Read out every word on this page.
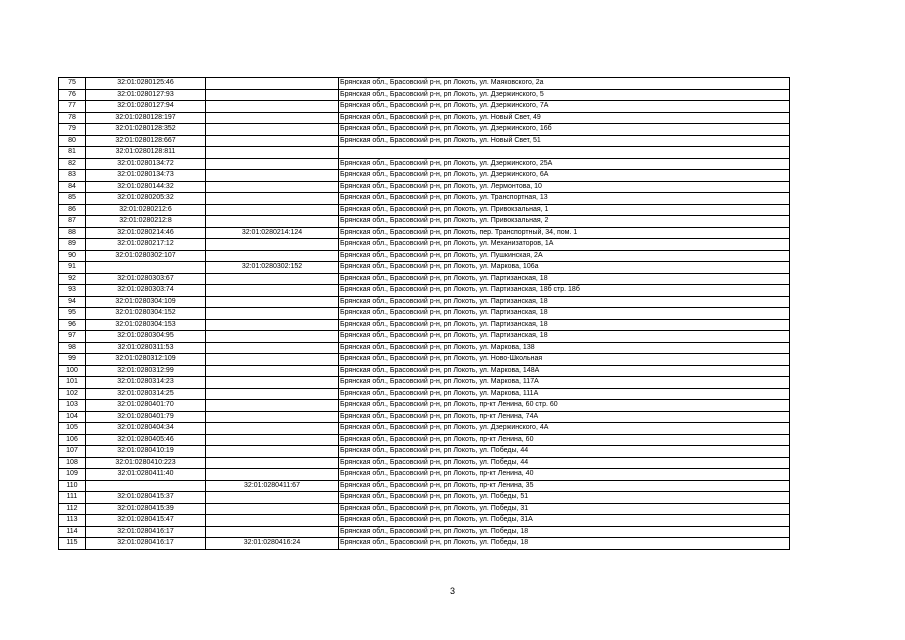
75	32:01:0280125:46		Брянская обл., Брасовский р-н, рп Локоть, ул. Маяковского, 2а
76	32:01:0280127:93		Брянская обл., Брасовский р-н, рп Локоть, ул. Дзержинского, 5
77	32:01:0280127:94		Брянская обл., Брасовский р-н, рп Локоть, ул. Дзержинского, 7А
78	32:01:0280128:197		Брянская обл., Брасовский р-н, рп Локоть, ул. Новый Свет, 49
79	32:01:0280128:352		Брянская обл., Брасовский р-н, рп Локоть, ул. Дзержинского, 16б
80	32:01:0280128:667		Брянская обл., Брасовский р-н, рп Локоть, ул. Новый Свет, 51
81	32:01:0280128:811		
82	32:01:0280134:72		Брянская обл., Брасовский р-н, рп Локоть, ул. Дзержинского, 25А
83	32:01:0280134:73		Брянская обл., Брасовский р-н, рп Локоть, ул. Дзержинского, 6А
84	32:01:0280144:32		Брянская обл., Брасовский р-н, рп Локоть, ул. Лермонтова, 10
85	32:01:0280205:32		Брянская обл., Брасовский р-н, рп Локоть, ул. Транспортная, 13
86	32:01:0280212:6		Брянская обл., Брасовский р-н, рп Локоть, ул. Привокзальная, 1
87	32:01:0280212:8		Брянская обл., Брасовский р-н, рп Локоть, ул. Привокзальная, 2
88	32:01:0280214:46	32:01:0280214:124	Брянская обл., Брасовский р-н, рп Локоть, пер. Транспортный, 34, пом. 1
89	32:01:0280217:12		Брянская обл., Брасовский р-н, рп Локоть, ул. Механизаторов, 1А
90	32:01:0280302:107		Брянская обл., Брасовский р-н, рп Локоть, ул. Пушкинская, 2А
91		32:01:0280302:152	Брянская обл., Брасовский р-н, рп Локоть, ул. Маркова, 106а
92	32:01:0280303:67		Брянская обл., Брасовский р-н, рп Локоть, ул. Партизанская, 18
93	32:01:0280303:74		Брянская обл., Брасовский р-н, рп Локоть, ул. Партизанская, 18б стр. 18б
94	32:01:0280304:109		Брянская обл., Брасовский р-н, рп Локоть, ул. Партизанская, 18
95	32:01:0280304:152		Брянская обл., Брасовский р-н, рп Локоть, ул. Партизанская, 18
96	32:01:0280304:153		Брянская обл., Брасовский р-н, рп Локоть, ул. Партизанская, 18
97	32:01:0280304:95		Брянская обл., Брасовский р-н, рп Локоть, ул. Партизанская, 18
98	32:01:0280311:53		Брянская обл., Брасовский р-н, рп Локоть, ул. Маркова, 138
99	32:01:0280312:109		Брянская обл., Брасовский р-н, рп Локоть, ул. Ново-Школьная
100	32:01:0280312:99		Брянская обл., Брасовский р-н, рп Локоть, ул. Маркова, 148А
101	32:01:0280314:23		Брянская обл., Брасовский р-н, рп Локоть, ул. Маркова, 117А
102	32:01:0280314:25		Брянская обл., Брасовский р-н, рп Локоть, ул. Маркова, 111А
103	32:01:0280401:70		Брянская обл., Брасовский р-н, рп Локоть, пр-кт Ленина, 60 стр. 60
104	32:01:0280401:79		Брянская обл., Брасовский р-н, рп Локоть, пр-кт Ленина, 74А
105	32:01:0280404:34		Брянская обл., Брасовский р-н, рп Локоть, ул. Дзержинского, 4А
106	32:01:0280405:46		Брянская обл., Брасовский р-н, рп Локоть, пр-кт Ленина, 60
107	32:01:0280410:19		Брянская обл., Брасовский р-н, рп Локоть, ул. Победы, 44
108	32:01:0280410:223		Брянская обл., Брасовский р-н, рп Локоть, ул. Победы, 44
109	32:01:0280411:40		Брянская обл., Брасовский р-н, рп Локоть, пр-кт Ленина, 40
110		32:01:0280411:67	Брянская обл., Брасовский р-н, рп Локоть, пр-кт Ленина, 35
111	32:01:0280415:37		Брянская обл., Брасовский р-н, рп Локоть, ул. Победы, 51
112	32:01:0280415:39		Брянская обл., Брасовский р-н, рп Локоть, ул. Победы, 31
113	32:01:0280415:47		Брянская обл., Брасовский р-н, рп Локоть, ул. Победы, 31А
114	32:01:0280416:17		Брянская обл., Брасовский р-н, рп Локоть, ул. Победы, 18
115	32:01:0280416:17	32:01:0280416:24	Брянская обл., Брасовский р-н, рп Локоть, ул. Победы, 18
3
